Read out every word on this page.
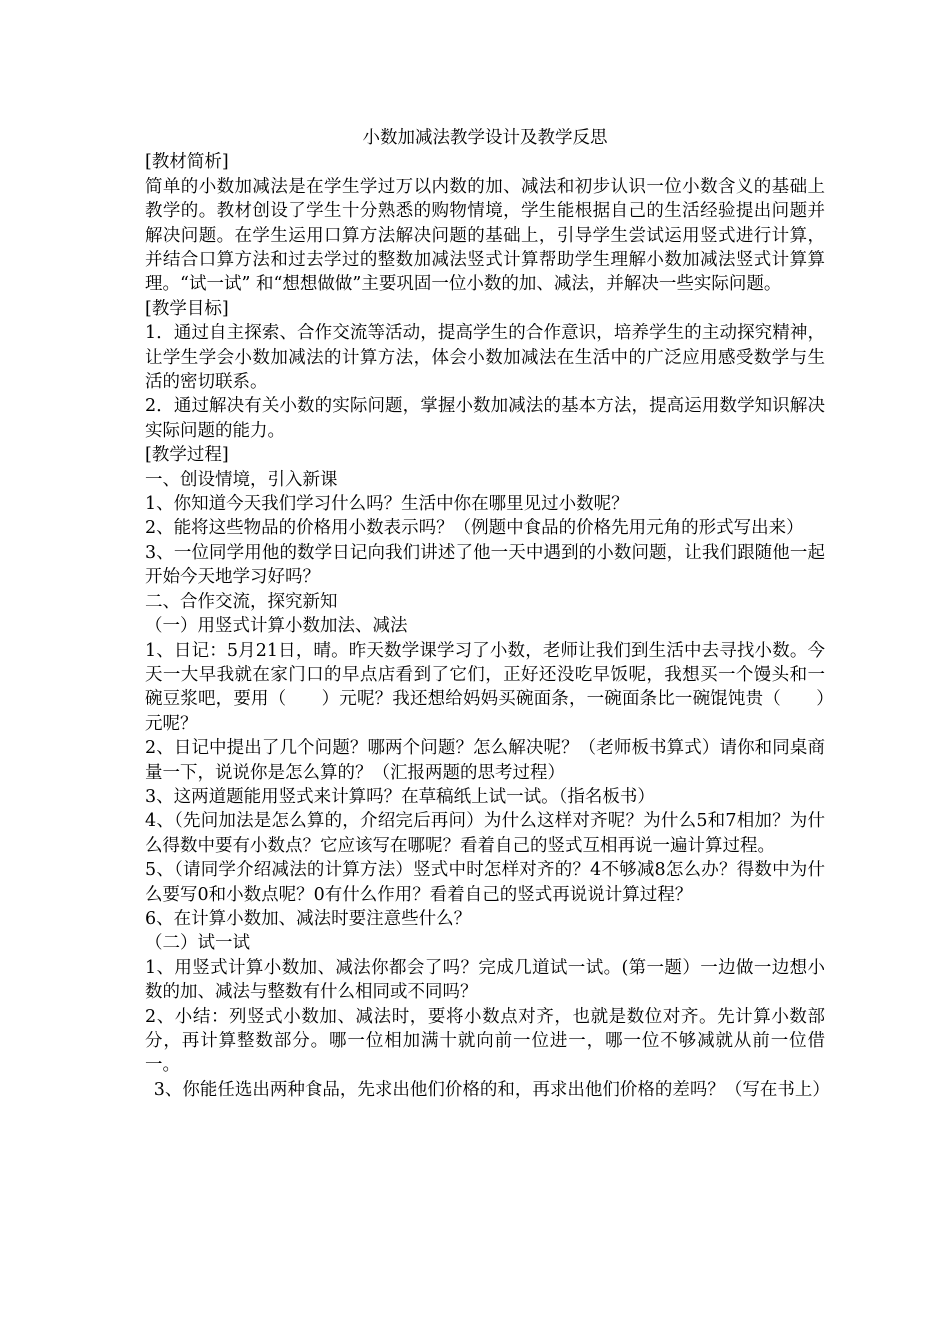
小数加减法教学设计及教学反思

[教材简析]

简单的小数加减法是在学生学过万以内数的加、减法和初步认识一位小数含义的基础上教学的。教材创设了学生十分熟悉的购物情境，学生能根据自己的生活经验提出问题并解决问题。在学生运用口算方法解决问题的基础上，引导学生尝试运用竖式进行计算，并结合口算方法和过去学过的整数加减法竖式计算帮助学生理解小数加减法竖式计算算理。“试一试” 和“想想做做”主要巩固一位小数的加、减法，并解决一些实际问题。

[教学目标]

1．通过自主探索、合作交流等活动，提高学生的合作意识，培养学生的主动探究精神，让学生学会小数加减法的计算方法，体会小数加减法在生活中的广泛应用感受数学与生活的密切联系。

2．通过解决有关小数的实际问题，掌握小数加减法的基本方法，提高运用数学知识解决实际问题的能力。

[教学过程]

一、创设情境，引入新课

1、你知道今天我们学习什么吗？生活中你在哪里见过小数呢？

2、能将这些物品的价格用小数表示吗？（例题中食品的价格先用元角的形式写出来）

3、一位同学用他的数学日记向我们讲述了他一天中遇到的小数问题，让我们跟随他一起开始今天地学习好吗？

二、合作交流，探究新知

（一）用竖式计算小数加法、减法

1、日记：5月21日，晴。昨天数学课学习了小数，老师让我们到生活中去寻找小数。今天一大早我就在家门口的早点店看到了它们，正好还没吃早饭呢，我想买一个馒头和一碗豆浆吧，要用（　　）元呢？我还想给妈妈买碗面条，一碗面条比一碗馄饨贵（　　）元呢？

2、日记中提出了几个问题？哪两个问题？怎么解决呢？（老师板书算式）请你和同桌商量一下，说说你是怎么算的？（汇报两题的思考过程）

3、这两道题能用竖式来计算吗？在草稿纸上试一试。（指名板书）

4、（先问加法是怎么算的，介绍完后再问）为什么这样对齐呢？为什么5和7相加？为什么得数中要有小数点？它应该写在哪呢？看着自己的竖式互相再说一遍计算过程。

5、（请同学介绍减法的计算方法）竖式中时怎样对齐的？4不够减8怎么办？得数中为什么要写0和小数点呢？0有什么作用？看着自己的竖式再说说计算过程？

6、在计算小数加、减法时要注意些什么？

（二）试一试

1、用竖式计算小数加、减法你都会了吗？完成几道试一试。(第一题）一边做一边想小数的加、减法与整数有什么相同或不同吗？

2、小结：列竖式小数加、减法时，要将小数点对齐，也就是数位对齐。先计算小数部分，再计算整数部分。哪一位相加满十就向前一位进一，哪一位不够减就从前一位借一。

3、你能任选出两种食品，先求出他们价格的和，再求出他们价格的差吗？（写在书上）
